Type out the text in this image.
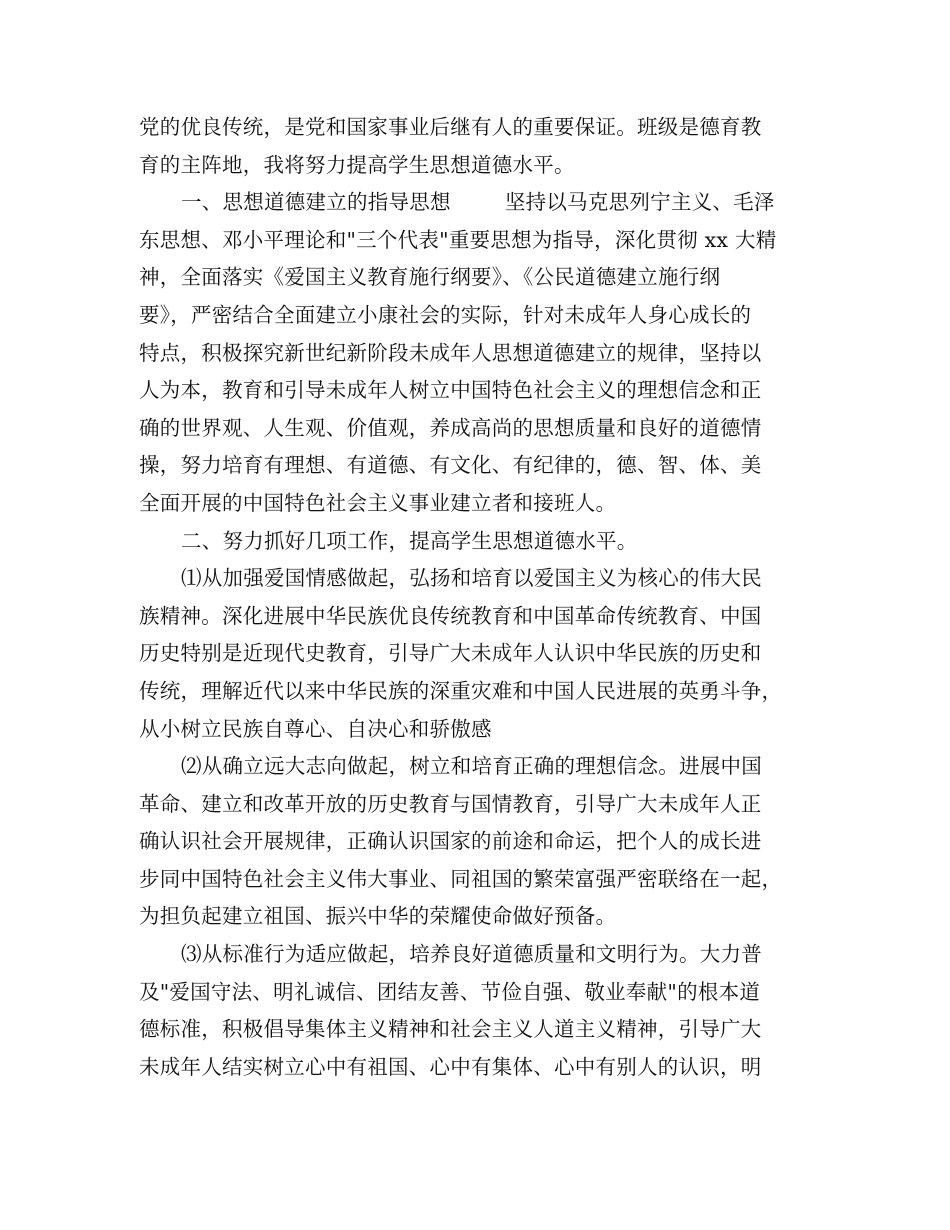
党的优良传统，是党和国家事业后继有人的重要保证。班级是德育教
育的主阵地，我将努力提高学生思想道德水平。
一、思想道德建立的指导思想        坚持以马克思列宁主义、毛泽
东思想、邓小平理论和"三个代表"重要思想为指导，深化贯彻 xx 大精
神，全面落实《爱国主义教育施行纲要》、《公民道德建立施行纲
要》，严密结合全面建立小康社会的实际，针对未成年人身心成长的
特点，积极探究新世纪新阶段未成年人思想道德建立的规律，坚持以
人为本，教育和引导未成年人树立中国特色社会主义的理想信念和正
确的世界观、人生观、价值观，养成高尚的思想质量和良好的道德情
操，努力培育有理想、有道德、有文化、有纪律的，德、智、体、美
全面开展的中国特色社会主义事业建立者和接班人。
二、努力抓好几项工作，提高学生思想道德水平。
⑴从加强爱国情感做起，弘扬和培育以爱国主义为核心的伟大民
族精神。深化进展中华民族优良传统教育和中国革命传统教育、中国
历史特别是近现代史教育，引导广大未成年人认识中华民族的历史和
传统，理解近代以来中华民族的深重灾难和中国人民进展的英勇斗争，
从小树立民族自尊心、自决心和骄傲感
⑵从确立远大志向做起，树立和培育正确的理想信念。进展中国
革命、建立和改革开放的历史教育与国情教育，引导广大未成年人正
确认识社会开展规律，正确认识国家的前途和命运，把个人的成长进
步同中国特色社会主义伟大事业、同祖国的繁荣富强严密联络在一起，
为担负起建立祖国、振兴中华的荣耀使命做好预备。
⑶从标准行为适应做起，培养良好道德质量和文明行为。大力普
及"爱国守法、明礼诚信、团结友善、节俭自强、敬业奉献"的根本道
德标准，积极倡导集体主义精神和社会主义人道主义精神，引导广大
未成年人结实树立心中有祖国、心中有集体、心中有别人的认识，明
